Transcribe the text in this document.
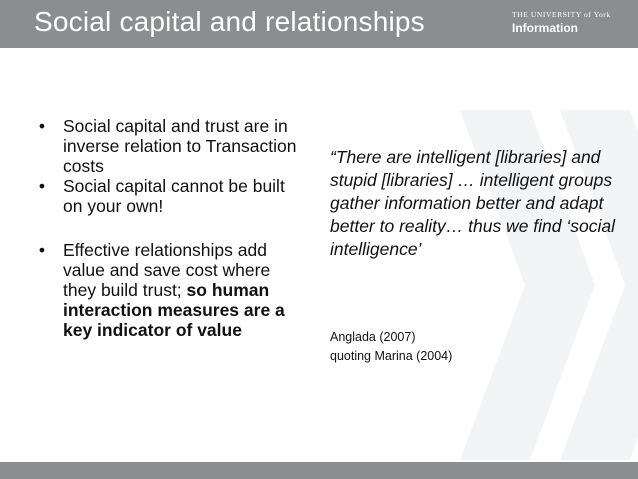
Social capital and relationships	THE UNIVERSITY of York
Information
• Social capital and trust are in inverse relation to Transaction costs
• Social capital cannot be built on your own!
• Effective relationships add value and save cost where they build trust; so human interaction measures are a key indicator of value
“There are intelligent [libraries] and stupid [libraries] … intelligent groups gather information better and adapt better to reality… thus we find ‘social intelligence’
Anglada (2007)
quoting Marina (2004)
